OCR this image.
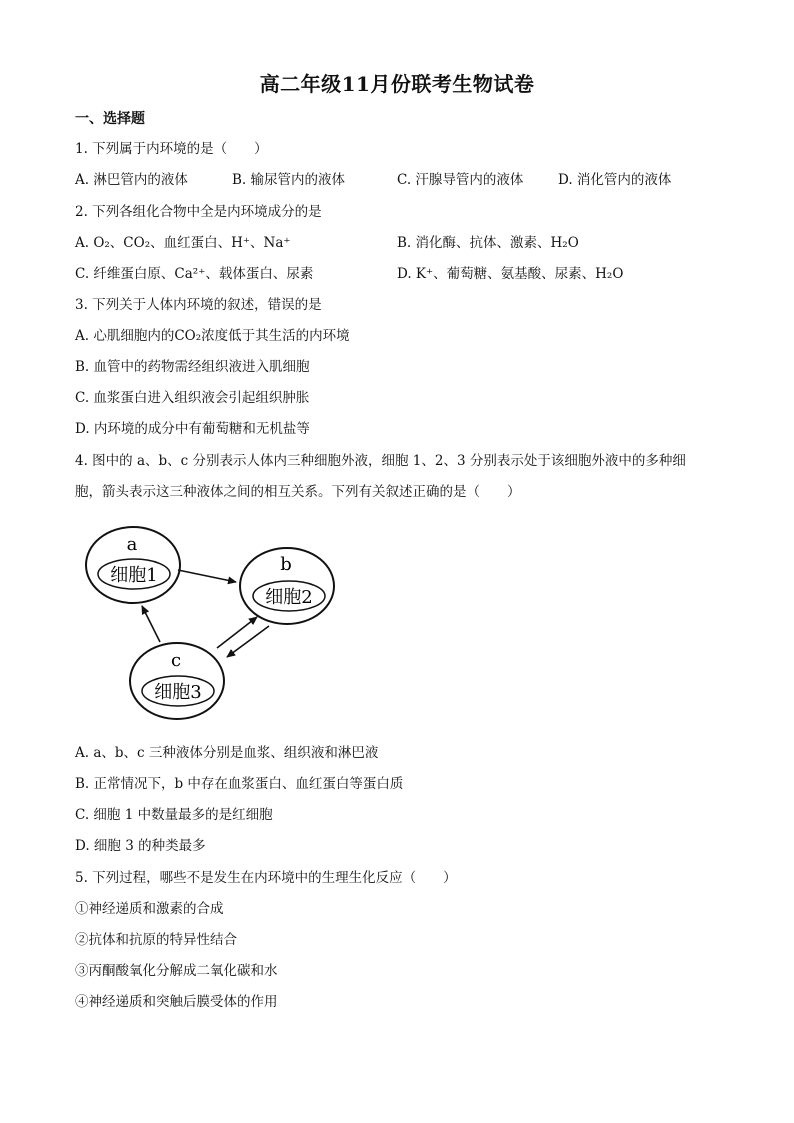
高二年级11月份联考生物试卷
一、选择题
1. 下列属于内环境的是（　　）
A. 淋巴管内的液体	B. 输尿管内的液体	C. 汗腺导管内的液体	D. 消化管内的液体
2. 下列各组化合物中全是内环境成分的是
A. O₂、CO₂、血红蛋白、H⁺、Na⁺	B. 消化酶、抗体、激素、H₂O
C. 纤维蛋白原、Ca²⁺、载体蛋白、尿素	D. K⁺、葡萄糖、氨基酸、尿素、H₂O
3. 下列关于人体内环境的叙述，错误的是
A. 心肌细胞内的CO₂浓度低于其生活的内环境
B. 血管中的药物需经组织液进入肌细胞
C. 血浆蛋白进入组织液会引起组织肿胀
D. 内环境的成分中有葡萄糖和无机盐等
4. 图中的 a、b、c 分别表示人体内三种细胞外液，细胞 1、2、3 分别表示处于该细胞外液中的多种细
胞，箭头表示这三种液体之间的相互关系。下列有关叙述正确的是（　　）
a
细胞1
b
细胞2
c
细胞3
A. a、b、c 三种液体分别是血浆、组织液和淋巴液
B. 正常情况下，b 中存在血浆蛋白、血红蛋白等蛋白质
C. 细胞 1 中数量最多的是红细胞
D. 细胞 3 的种类最多
5. 下列过程，哪些不是发生在内环境中的生理生化反应（　　）
①神经递质和激素的合成
②抗体和抗原的特异性结合
③丙酮酸氧化分解成二氧化碳和水
④神经递质和突触后膜受体的作用
